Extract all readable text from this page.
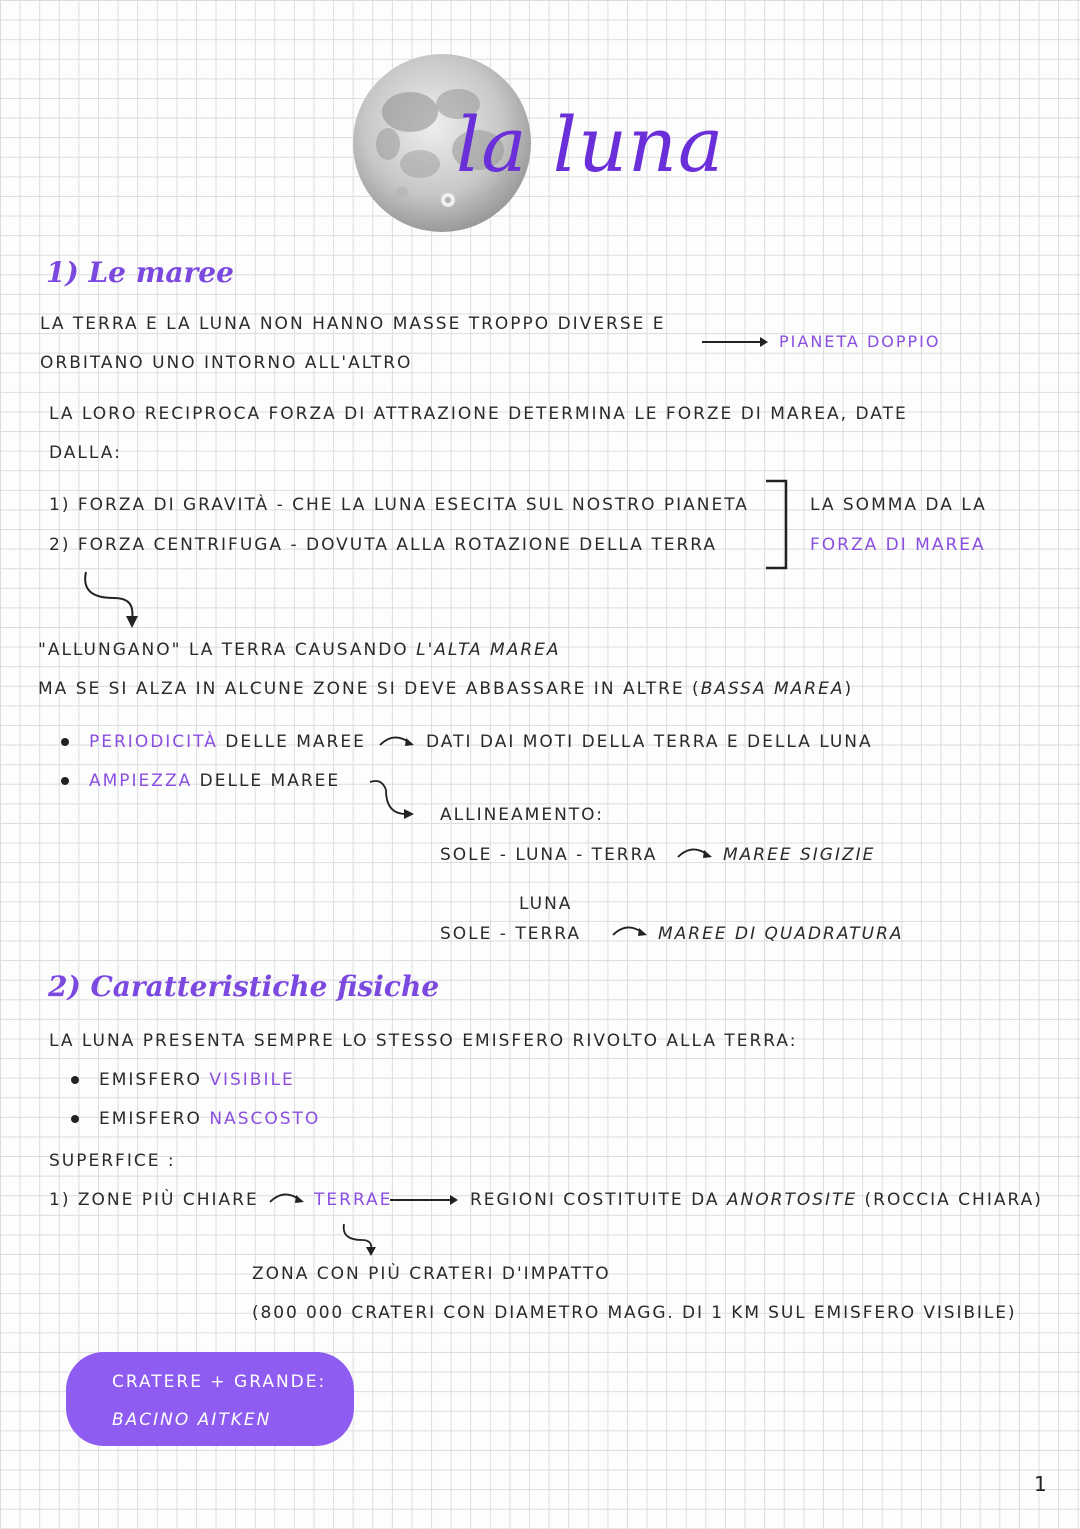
la luna
1) Le maree
LA TERRA E LA LUNA NON HANNO MASSE TROPPO DIVERSE E
ORBITANO UNO INTORNO ALL'ALTRO
PIANETA DOPPIO
LA LORO RECIPROCA FORZA DI ATTRAZIONE DETERMINA LE FORZE DI MAREA, DATE
DALLA:
1) FORZA DI GRAVITÀ - CHE LA LUNA ESECITA SUL NOSTRO PIANETA
2) FORZA CENTRIFUGA - DOVUTA ALLA ROTAZIONE DELLA TERRA
LA SOMMA DA LA
FORZA DI MAREA
"ALLUNGANO" LA TERRA CAUSANDO L'ALTA MAREA
MA SE SI ALZA IN ALCUNE ZONE SI DEVE ABBASSARE IN ALTRE (BASSA MAREA)
PERIODICITÀ DELLE MAREE	DATI DAI MOTI DELLA TERRA E DELLA LUNA
AMPIEZZA DELLE MAREE
ALLINEAMENTO:
SOLE - LUNA - TERRA	MAREE SIGIZIE
LUNA
SOLE - TERRA	MAREE DI QUADRATURA
2) Caratteristiche fisiche
LA LUNA PRESENTA SEMPRE LO STESSO EMISFERO RIVOLTO ALLA TERRA:
EMISFERO VISIBILE
EMISFERO NASCOSTO
SUPERFICE :
1) ZONE PIÙ CHIARE	TERRAE	REGIONI COSTITUITE DA ANORTOSITE (ROCCIA CHIARA)
ZONA CON PIÙ CRATERI D'IMPATTO
(800 000 CRATERI CON DIAMETRO MAGG. DI 1 KM SUL EMISFERO VISIBILE)
CRATERE + GRANDE:
BACINO AITKEN
1
